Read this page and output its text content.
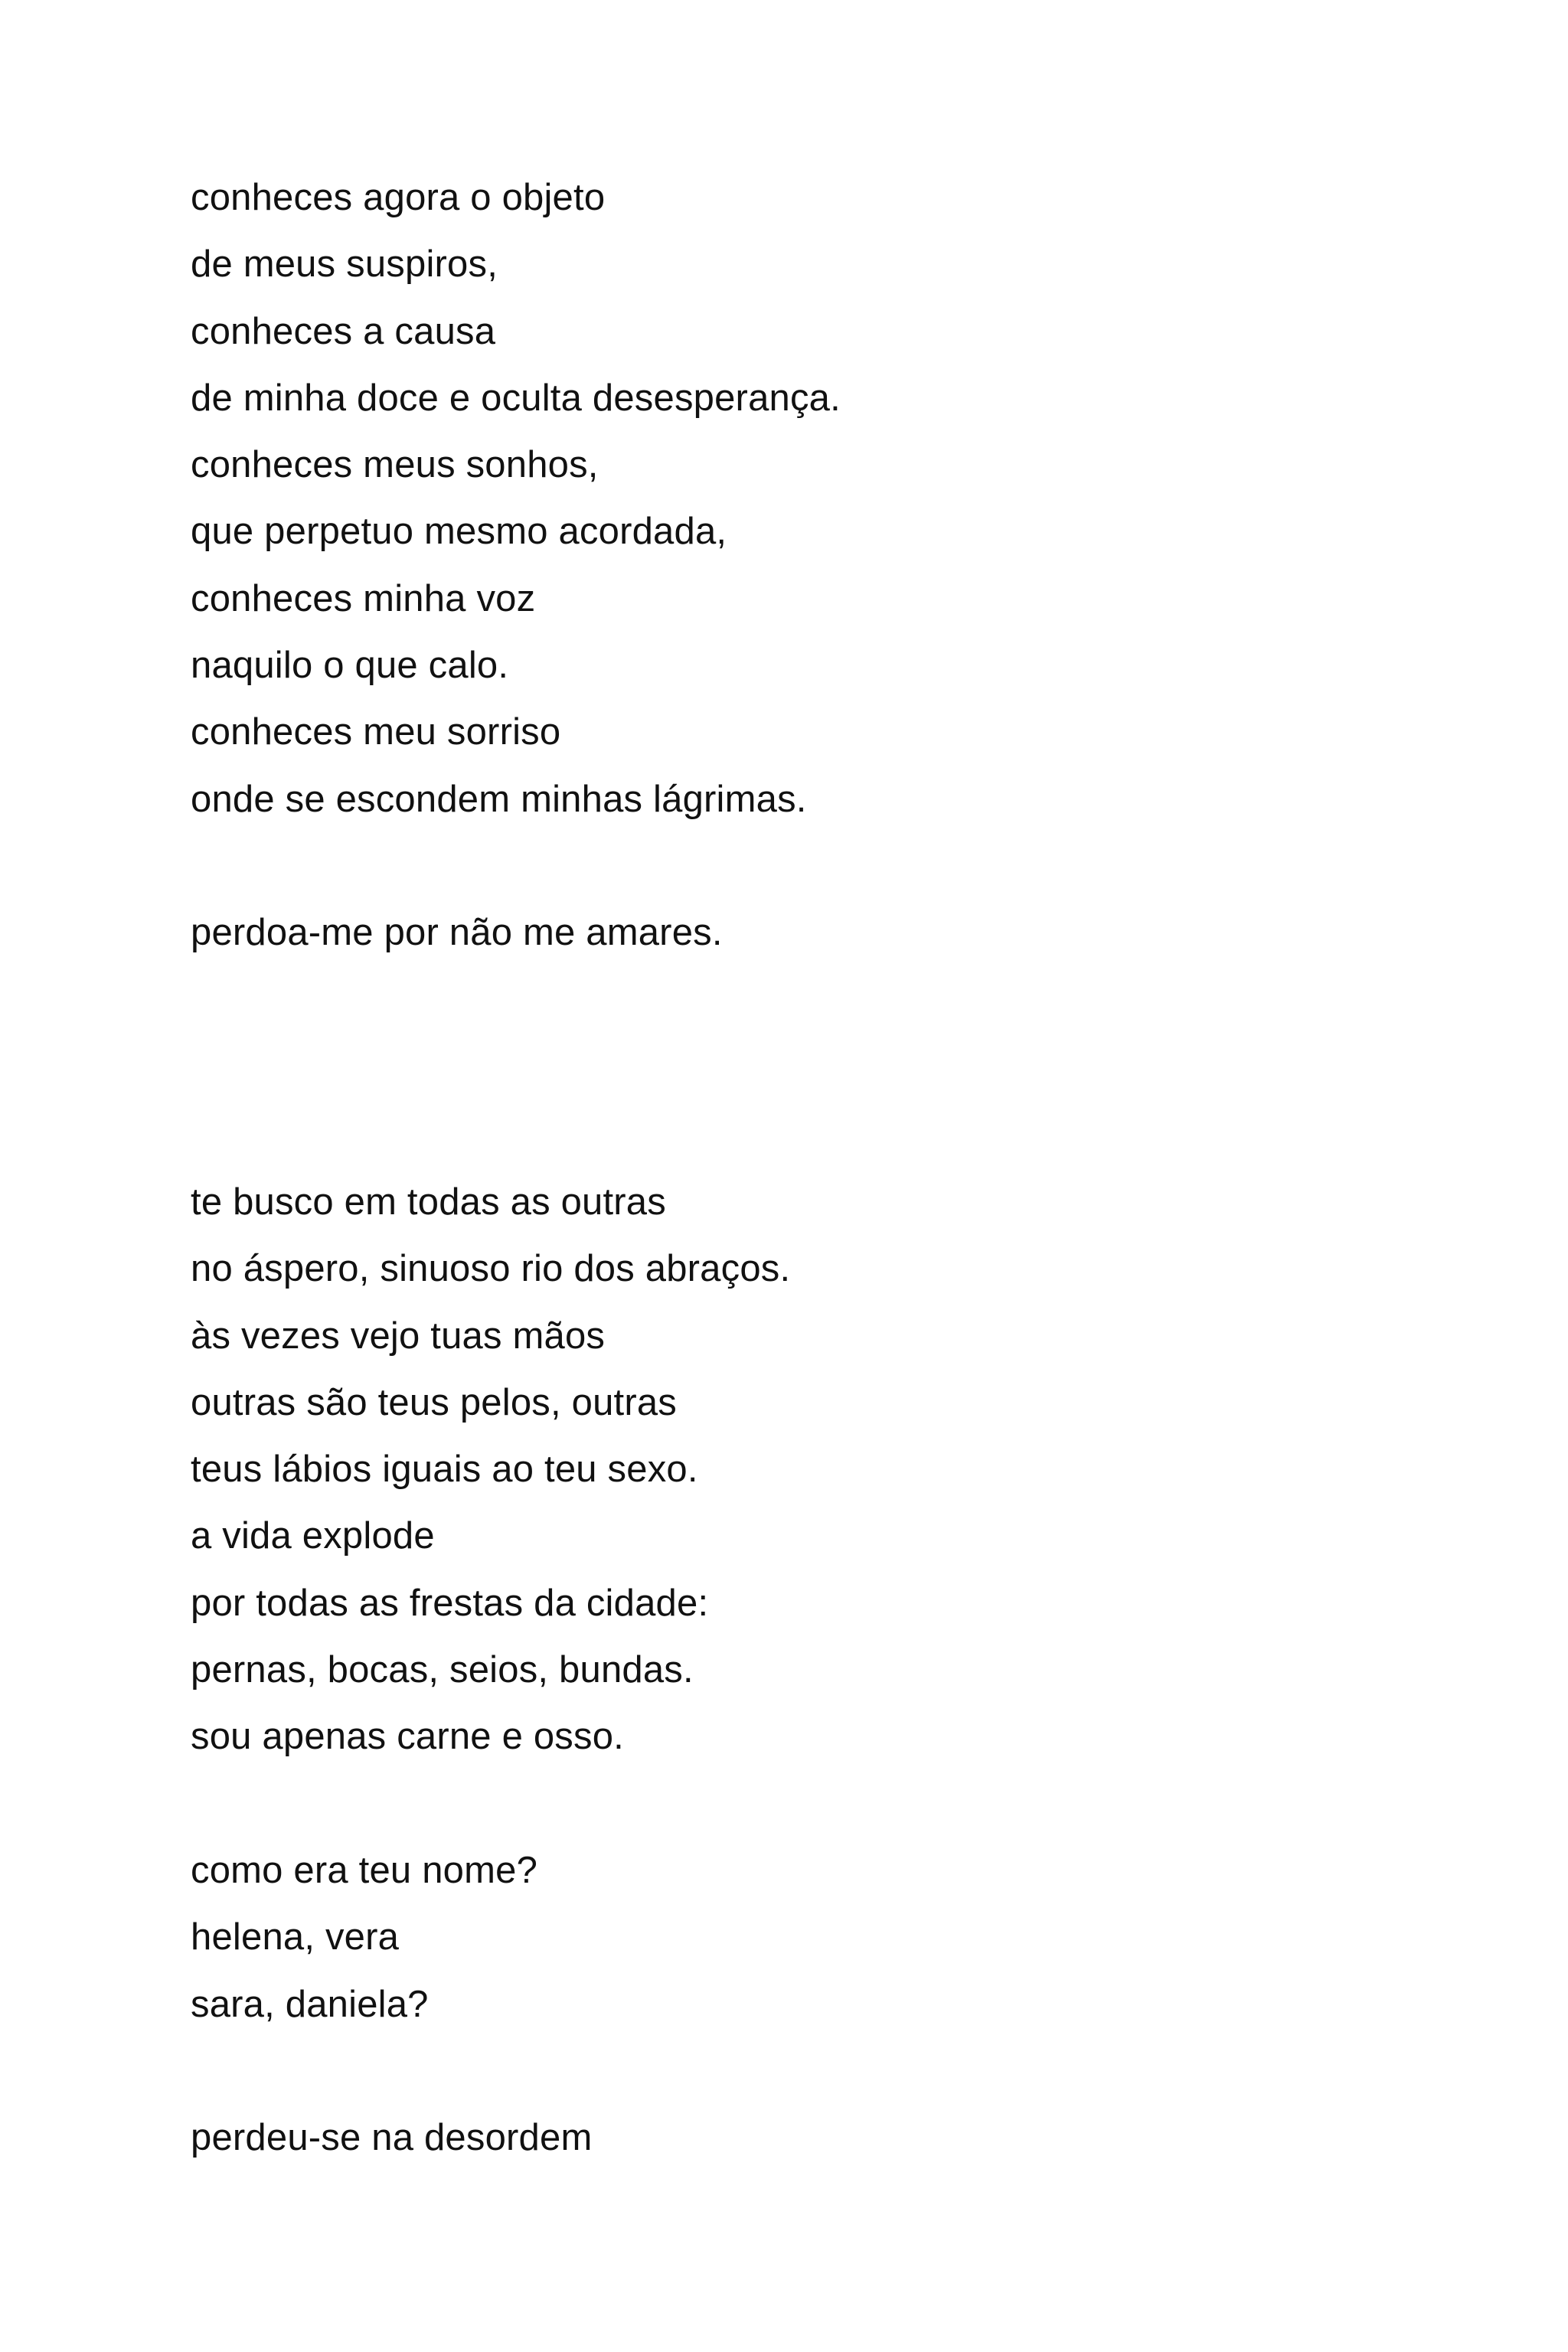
conheces agora o objeto
de meus suspiros,
conheces a causa
de minha doce e oculta desesperança.
conheces meus sonhos,
que perpetuo mesmo acordada,
conheces minha voz
naquilo o que calo.
conheces meu sorriso
onde se escondem minhas lágrimas.
perdoa-me por não me amares.
te busco em todas as outras
no áspero, sinuoso rio dos abraços.
às vezes vejo tuas mãos
outras são teus pelos, outras
teus lábios iguais ao teu sexo.
a vida explode
por todas as frestas da cidade:
pernas, bocas, seios, bundas.
sou apenas carne e osso.
como era teu nome?
helena, vera
sara, daniela?
perdeu-se na desordem
